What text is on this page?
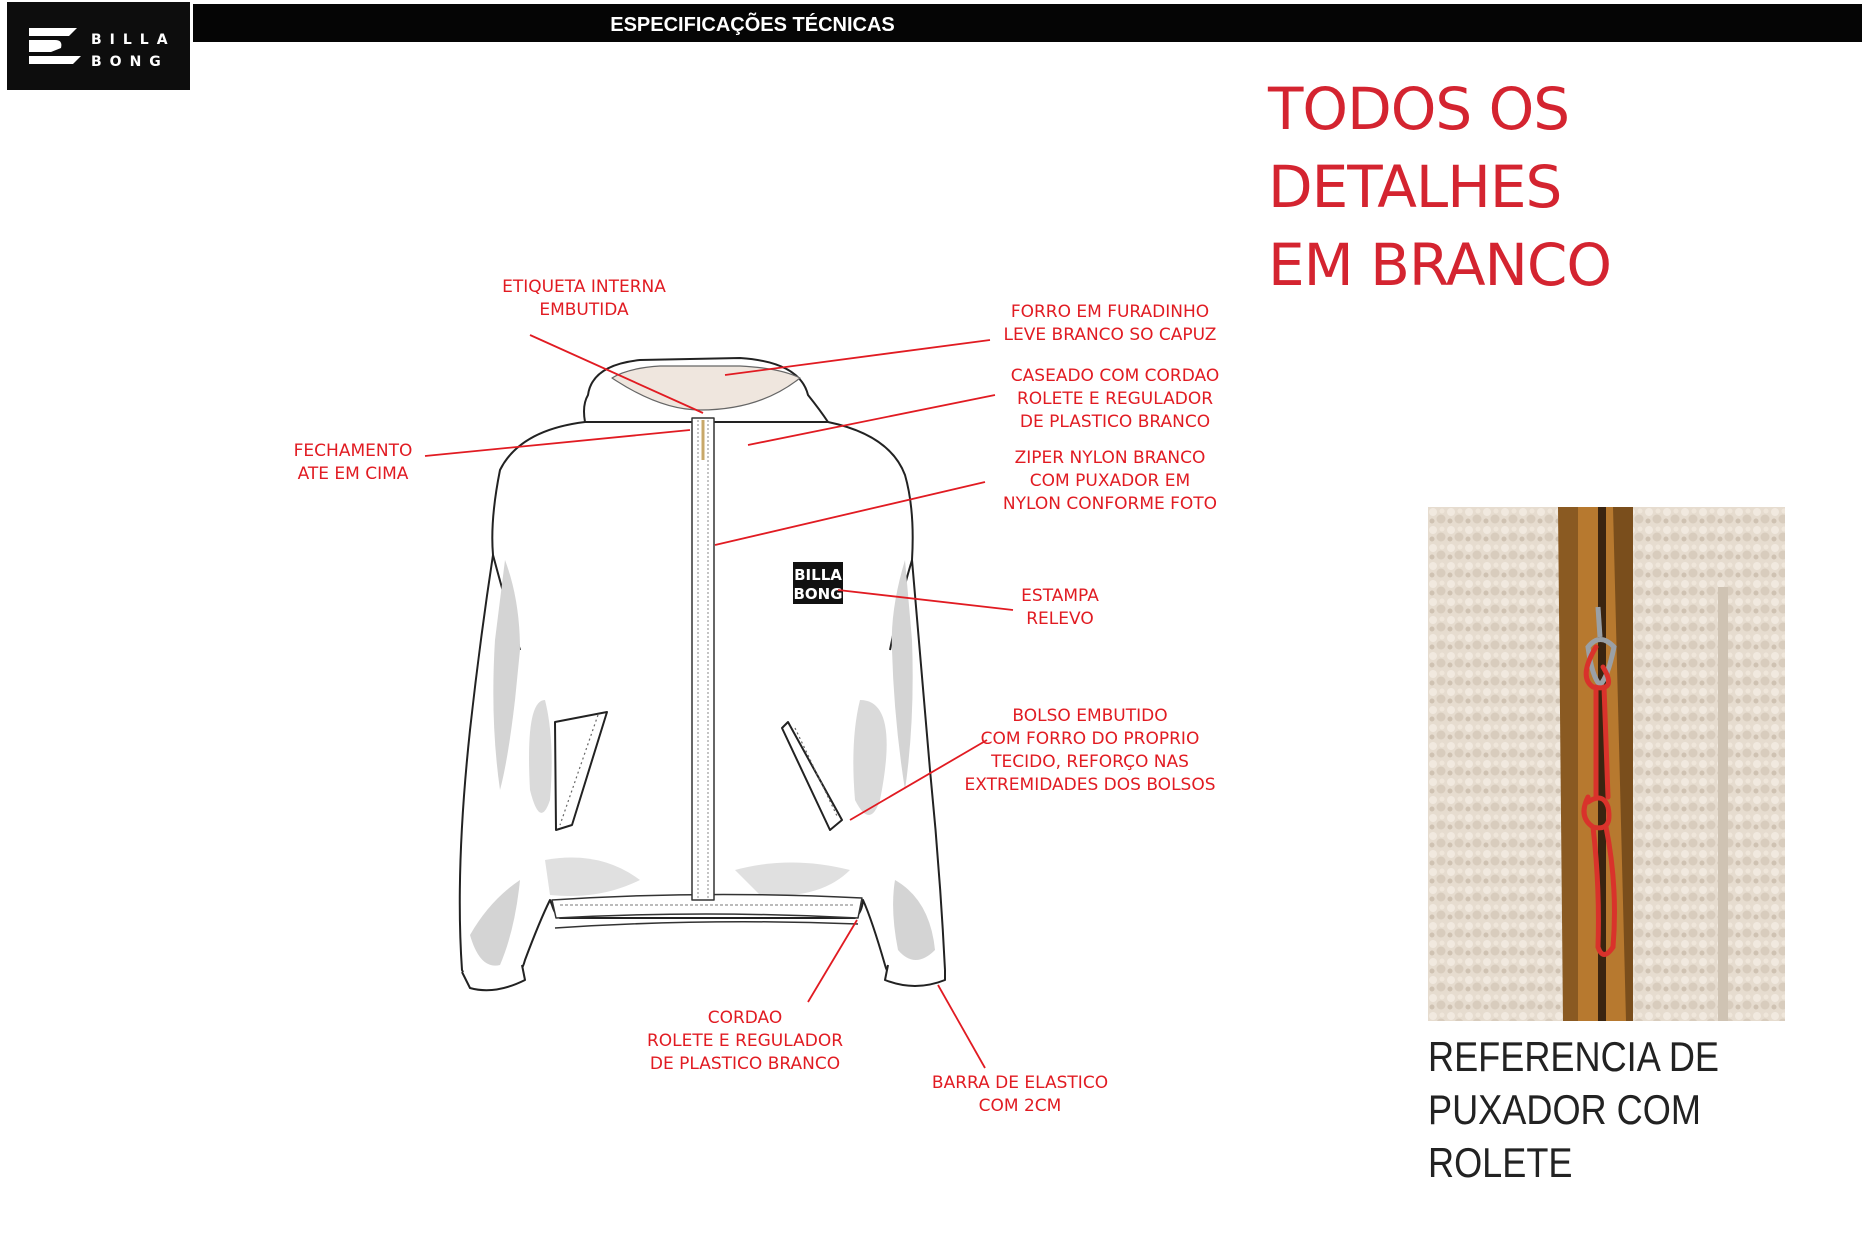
BILLA
BONG
ESPECIFICAÇÕES TÉCNICAS
TODOS OS DETALHES
EM BRANCO
BILLA
BONG
ETIQUETA INTERNA
EMBUTIDA	FORRO EM FURADINHO
LEVE BRANCO SO CAPUZ
CASEADO COM CORDAO
ROLETE E REGULADOR
DE PLASTICO BRANCO
FECHAMENTO
ATE EM CIMA
ZIPER NYLON BRANCO
COM PUXADOR EM
NYLON CONFORME FOTO
ESTAMPA
RELEVO
BOLSO EMBUTIDO
COM FORRO DO PROPRIO
TECIDO, REFORÇO NAS
EXTREMIDADES DOS BOLSOS
CORDAO
ROLETE E REGULADOR
DE PLASTICO BRANCO
BARRA DE ELASTICO
COM 2CM
REFERENCIA DE
PUXADOR COM
ROLETE
